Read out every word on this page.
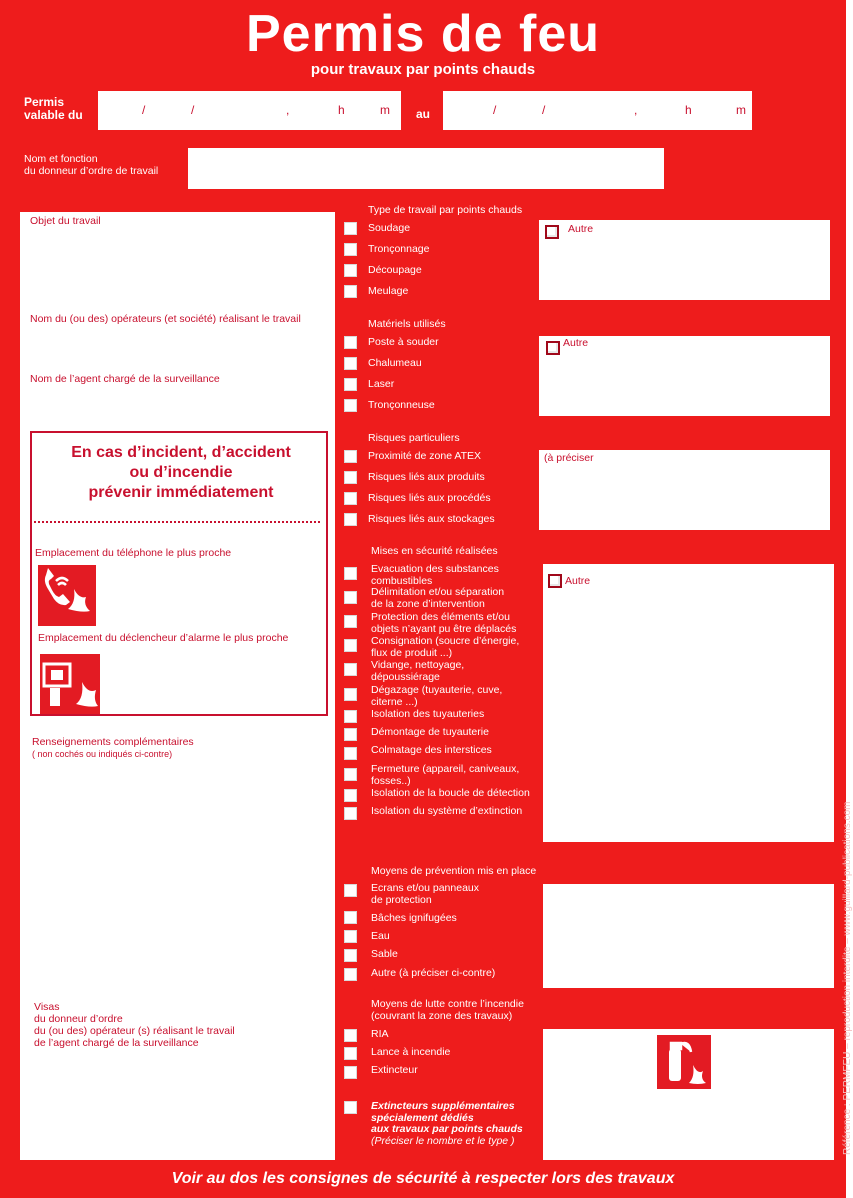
Permis de feu
pour travaux par points chauds
Permis
valable du	/	/	,	h	m au	/	/	,	h	m
Nom et fonction
du donneur d’ordre de travail
Objet du travail
Nom du (ou des) opérateurs (et société) réalisant le travail
Nom de l’agent chargé de la surveillance
En cas d’incident, d’accident
ou d’incendie
prévenir immédiatement
Emplacement du téléphone le plus proche
Emplacement du déclencheur d’alarme le plus proche
Renseignements complémentaires
( non cochés ou indiqués ci-contre)
Visas
du donneur d’ordre
du (ou des) opérateur (s) réalisant le travail
de l’agent chargé de la surveillance
Type de travail par points chauds
Soudage
Tronçonnage
Découpage
Meulage
Autre
Matériels utilisés
Poste à souder
Chalumeau
Laser
Tronçonneuse
Autre
Risques particuliers
Proximité de zone ATEX
Risques liés aux produits
Risques liés aux procédés
Risques liés aux stockages
(à préciser
Mises en sécurité réalisées
Evacuation des substances
combustibles
Délimitation et/ou séparation
de la zone d’intervention
Protection des éléments et/ou
objets n’ayant pu être déplacés
Consignation (soucre d’énergie,
flux de produit ...)
Vidange, nettoyage,
dépoussiérage
Dégazage (tuyauterie, cuve,
citerne ...)
Isolation des tuyauteries
Démontage de tuyauterie
Colmatage des interstices
Fermeture (appareil, caniveaux,
fosses..)
Isolation de la boucle de détection
Isolation du système d’extinction
Autre
Moyens de prévention mis en place
Ecrans et/ou panneaux
de protection
Bâches ignifugées
Eau
Sable
Autre (à préciser ci-contre)
Moyens de lutte contre l’incendie
(couvrant la zone des travaux)
RIA
Lance à incendie
Extincteur
Extincteurs supplémentaires
spécialement dédiés
aux travaux par points chauds
(Préciser le nombre et le type )	Référence : PERMFEU – reproduction interdite – www.guillard-publications.com
Voir au dos les consignes de sécurité à respecter lors des travaux
